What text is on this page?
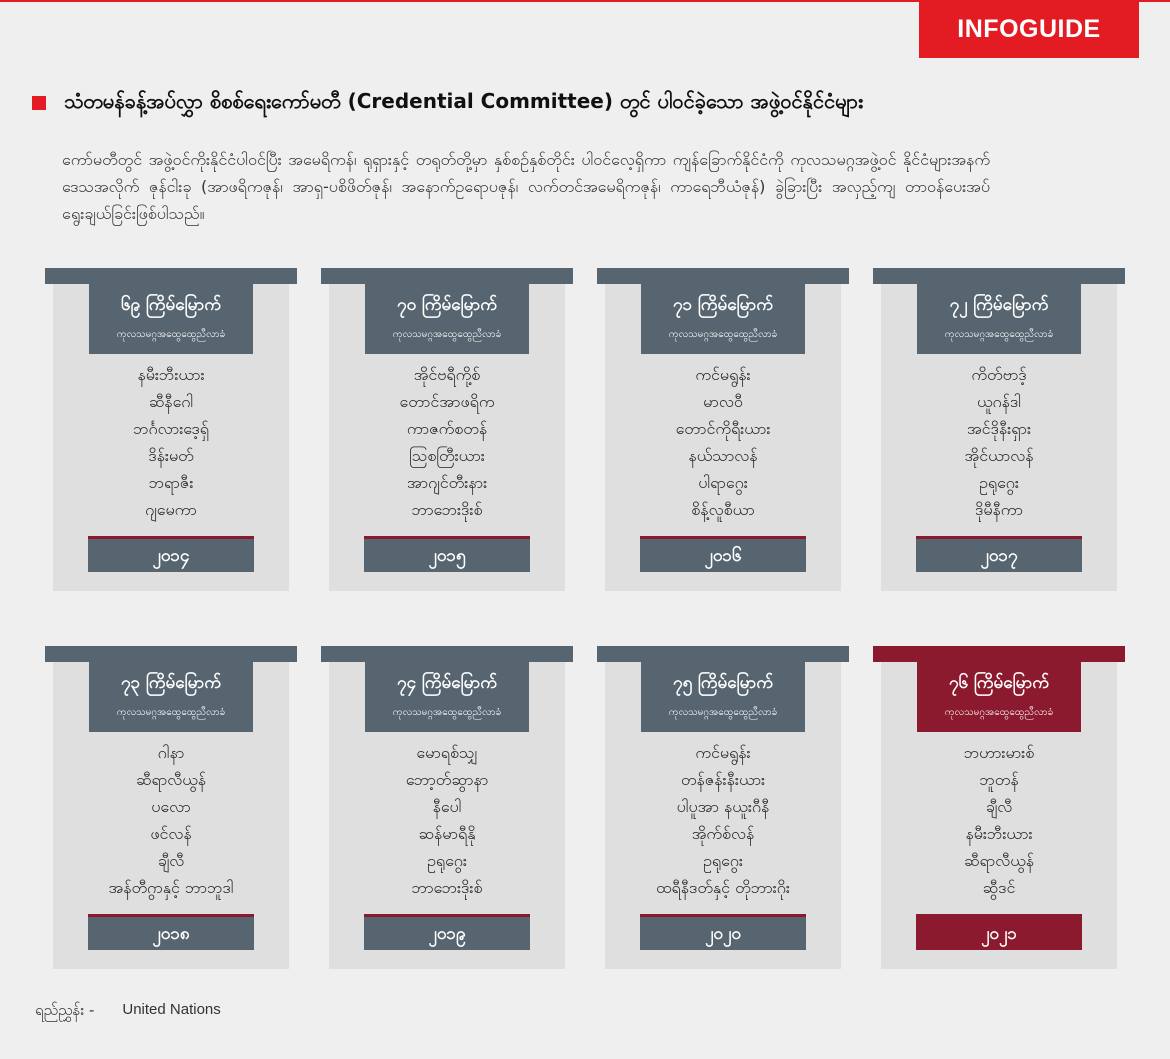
INFOGUIDE
သံတမန်ခန့်အပ်လွှာ စိစစ်ရေးကော်မတီ (Credential Committee) တွင် ပါဝင်ခဲ့သော အဖွဲ့ဝင်နိုင်ငံများ

ကော်မတီတွင် အဖွဲ့ဝင်ကိုးနိုင်ငံပါဝင်ပြီး အမေရိကန်၊ ရုရှားနှင့် တရုတ်တို့မှာ နှစ်စဉ်နှစ်တိုင်း ပါဝင်လေ့ရှိကာ ကျန်ခြောက်နိုင်ငံကို ကုလသမဂ္ဂအဖွဲ့ဝင် နိုင်ငံများအနက် ဒေသအလိုက် ဇုန်ငါးခု (အာဖရိကဇုန်၊ အာရှ-ပစိဖိတ်ဇုန်၊ အနောက်ဥရောပဇုန်၊ လက်တင်အမေရိကဇုန်၊ ကာရေဘီယံဇုန်) ခွဲခြားပြီး အလှည့်ကျ တာဝန်ပေးအပ် ရွေးချယ်ခြင်းဖြစ်ပါသည်။

၆၉ ကြိမ်မြောက်
ကုလသမဂ္ဂအထွေထွေညီလာခံ
နမီးဘီးယား
ဆီနီဂေါ
ဘင်္ဂလားဒေ့ရှ်
ဒိန်းမတ်
ဘရာဇီး
ဂျမေကာ
၂၀၁၄
၇၀ ကြိမ်မြောက်
ကုလသမဂ္ဂအထွေထွေညီလာခံ
အိုင်ဗရီကို့စ်
တောင်အာဖရိက
ကာဇက်စတန်
ဩစတြီးယား
အာဂျင်တီးနား
ဘာဘေးဒိုးစ်
၂၀၁၅
၇၁ ကြိမ်မြောက်
ကုလသမဂ္ဂအထွေထွေညီလာခံ
ကင်မရွန်း
မာလဝီ
တောင်ကိုရီးယား
နယ်သာလန်
ပါရာဂွေး
စိန့်လူစီယာ
၂၀၁၆
၇၂ ကြိမ်မြောက်
ကုလသမဂ္ဂအထွေထွေညီလာခံ
ကိတ်ဗာဒ့်
ယူဂန်ဒါ
အင်ဒိုနီးရှား
အိုင်ယာလန်
ဥရုဂွေး
ဒိုမီနီကာ
၂၀၁၇
၇၃ ကြိမ်မြောက်
ကုလသမဂ္ဂအထွေထွေညီလာခံ
ဂါနာ
ဆီရာလီယွန်
ပလော
ဖင်လန်
ချီလီ
အန်တီဂွာနှင့် ဘာဘူဒါ
၂၀၁၈
၇၄ ကြိမ်မြောက်
ကုလသမဂ္ဂအထွေထွေညီလာခံ
မောရစ်သျှ
ဘော့တ်ဆွာနာ
နီပေါ
ဆန်မာရီနို
ဥရုဂွေး
ဘာဘေးဒိုးစ်
၂၀၁၉
၇၅ ကြိမ်မြောက်
ကုလသမဂ္ဂအထွေထွေညီလာခံ
ကင်မရွန်း
တန်ဇန်းနီးယား
ပါပူအာ နယူးဂီနီ
အိုက်စ်လန်
ဥရုဂွေး
ထရီနီဒတ်နှင့် တိုဘားဂိုး
၂၀၂၀
၇၆ ကြိမ်မြောက်
ကုလသမဂ္ဂအထွေထွေညီလာခံ
ဘဟားမားစ်
ဘူတန်
ချီလီ
နမီးဘီးယား
ဆီရာလီယွန်
ဆွီဒင်
၂၀၂၁
ရည်ညွှန်း - United Nations
